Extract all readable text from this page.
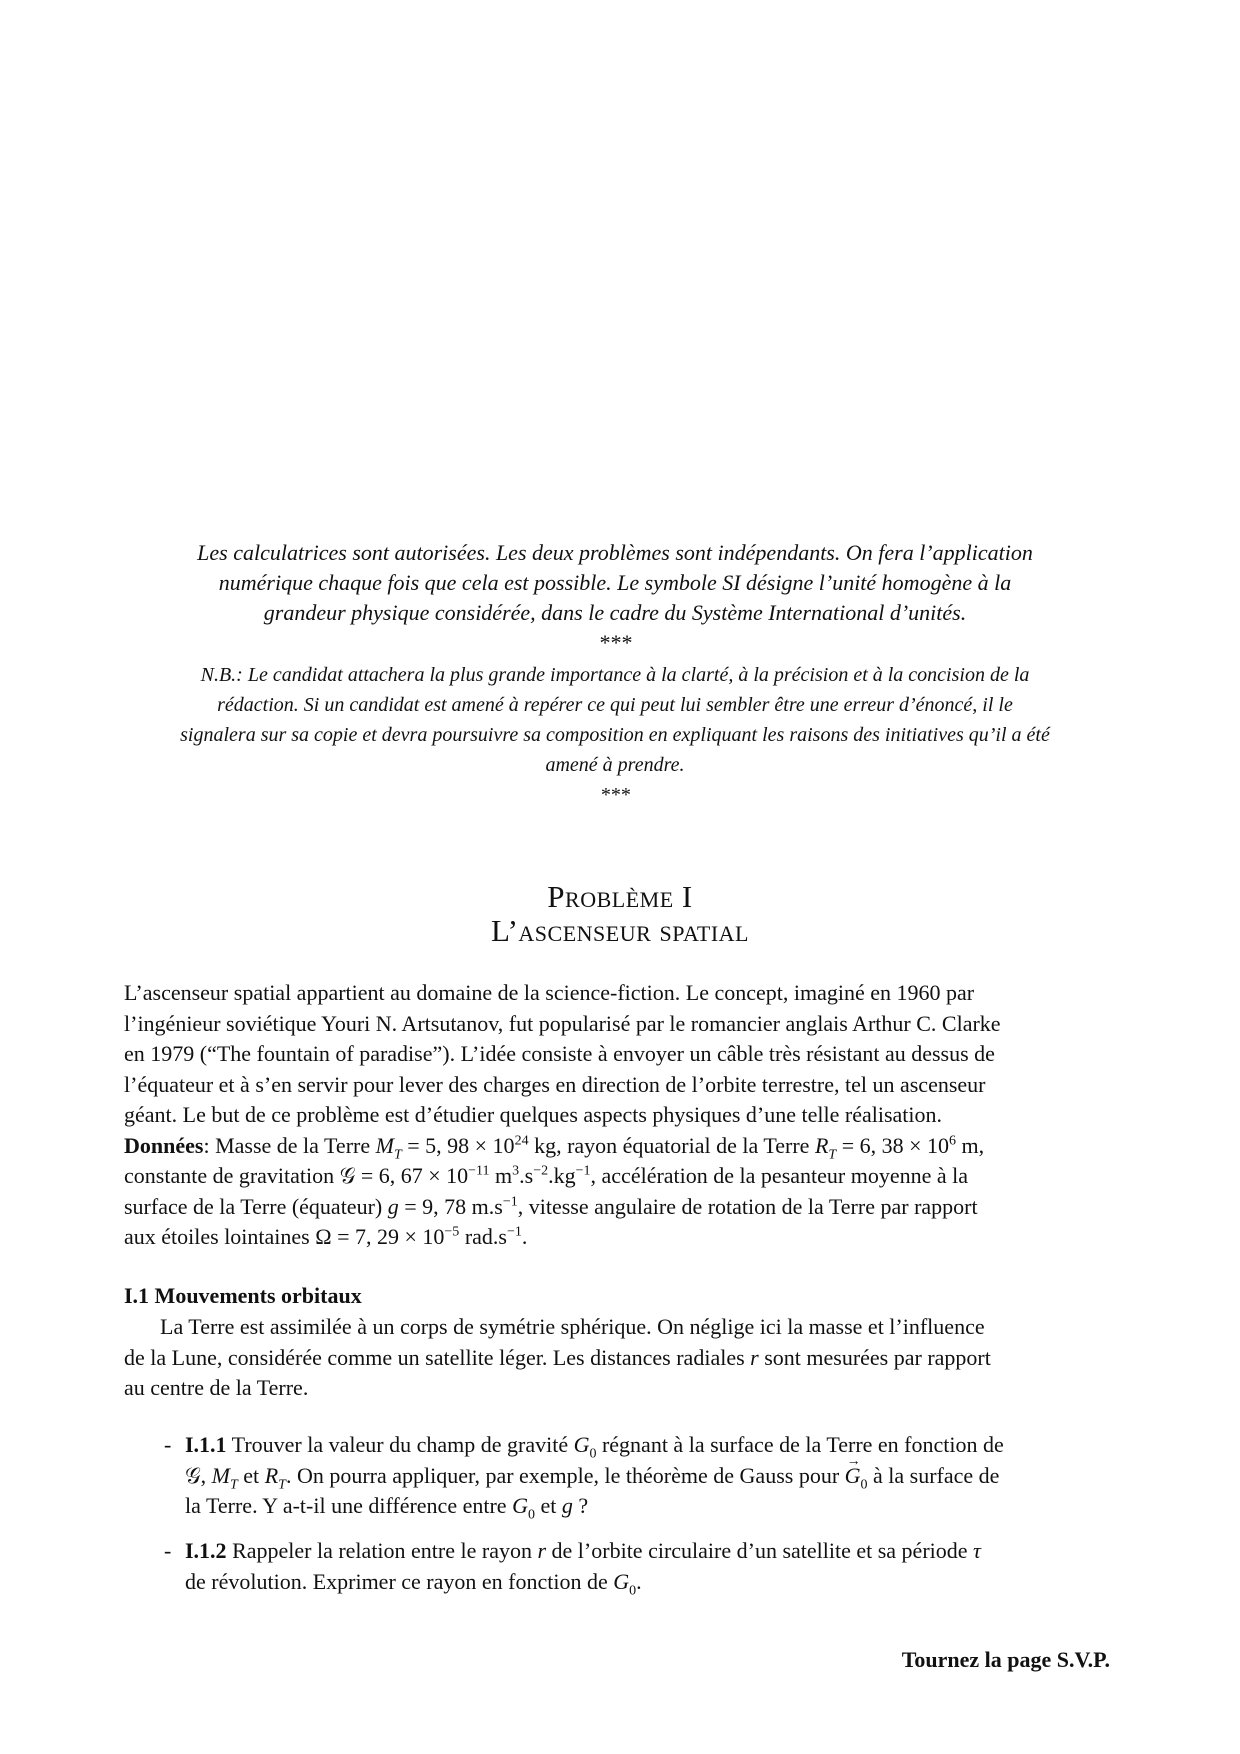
Les calculatrices sont autorisées. Les deux problèmes sont indépendants. On fera l’application
numérique chaque fois que cela est possible. Le symbole SI désigne l’unité homogène à la
grandeur physique considérée, dans le cadre du Système International d’unités.
***
N.B.: Le candidat attachera la plus grande importance à la clarté, à la précision et à la concision de la
rédaction. Si un candidat est amené à repérer ce qui peut lui sembler être une erreur d’énoncé, il le
signalera sur sa copie et devra poursuivre sa composition en expliquant les raisons des initiatives qu’il a été
amené à prendre.
***
Problème I
L’ascenseur spatial

L’ascenseur spatial appartient au domaine de la science-fiction. Le concept, imaginé en 1960 par

l’ingénieur soviétique Youri N. Artsutanov, fut popularisé par le romancier anglais Arthur C. Clarke

en 1979 (“The fountain of paradise”). L’idée consiste à envoyer un câble très résistant au dessus de

l’équateur et à s’en servir pour lever des charges en direction de l’orbite terrestre, tel un ascenseur

géant. Le but de ce problème est d’étudier quelques aspects physiques d’une telle réalisation.

Données: Masse de la Terre $M_T = 5$, $98 \times 10^{24}$ kg, rayon équatorial de la Terre $R_T = 6$, $38 \times 10^6$ m,

constante de gravitation 𝒢 = 6, $67 \times 10^{-11}$ $m^3.s^{-2}.kg^{-1}$, accélération de la pesanteur moyenne à la

surface de la Terre (équateur) g = 9, 78 $m.s^{-1}$, vitesse angulaire de rotation de la Terre par rapport

aux étoiles lointaines Ω = 7, $29 \times 10^{-5}$ $rad.s^{-1}$.

I.1 Mouvements orbitaux

La Terre est assimilée à un corps de symétrie sphérique. On néglige ici la masse et l’influence

de la Lune, considérée comme un satellite léger. Les distances radiales r sont mesurées par rapport

au centre de la Terre.

- I.1.1 Trouver la valeur du champ de gravité $G_0$ régnant à la surface de la Terre en fonction de
𝒢, $M_T$ et $R_T$. On pourra appliquer, par exemple, le théorème de Gauss pour → $G_0$ à la surface de
la Terre. Y a-t-il une différence entre $G_0$ et g ?
- I.1.2 Rappeler la relation entre le rayon r de l’orbite circulaire d’un satellite et sa période τ
de révolution. Exprimer ce rayon en fonction de $G_0$.
Tournez la page S.V.P.
